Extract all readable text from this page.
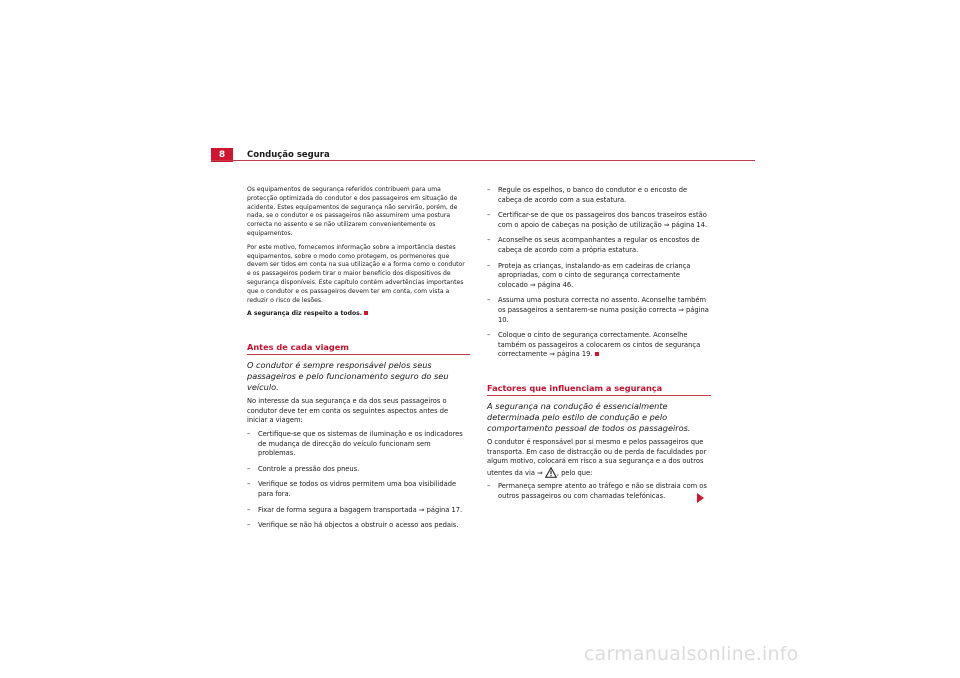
8	Condução segura

Os equipamentos de segurança referidos contribuem para uma protecção optimizada do condutor e dos passageiros em situação de acidente. Estes equipamentos de segurança não servirão, porém, de nada, se o condutor e os passageiros não assumirem uma postura correcta no assento e se não utilizarem convenientemente os equipamentos.

Por este motivo, fornecemos informação sobre a importância destes equipamentos, sobre o modo como protegem, os pormenores que devem ser tidos em conta na sua utilização e a forma como o condutor e os passageiros podem tirar o maior benefício dos dispositivos de segurança disponíveis. Este capítulo contém advertências importantes que o condutor e os passageiros devem ter em conta, com vista a reduzir o risco de lesões.

A segurança diz respeito a todos.

Antes de cada viagem

O condutor é sempre responsável pelos seus passageiros e pelo funcionamento seguro do seu veículo.

No interesse da sua segurança e da dos seus passageiros o condutor deve ter em conta os seguintes aspectos antes de iniciar a viagem:

– Certifique-se que os sistemas de iluminação e os indicadores de mudança de direcção do veículo funcionam sem problemas.
– Controle a pressão dos pneus.
– Verifique se todos os vidros permitem uma boa visibilidade para fora.
– Fixar de forma segura a bagagem transportada ⇒ página 17.
– Verifique se não há objectos a obstruir o acesso aos pedais.
– Regule os espelhos, o banco do condutor e o encosto de cabeça de acordo com a sua estatura.
– Certificar-se de que os passageiros dos bancos traseiros estão com o apoio de cabeças na posição de utilização ⇒ página 14.
– Aconselhe os seus acompanhantes a regular os encostos de cabeça de acordo com a própria estatura.
– Proteja as crianças, instalando-as em cadeiras de criança apropriadas, com o cinto de segurança correctamente colocado ⇒ página 46.
– Assuma uma postura correcta no assento. Aconselhe também os passageiros a sentarem-se numa posição correcta ⇒ página 10.
– Coloque o cinto de segurança correctamente. Aconselhe também os passageiros a colocarem os cintos de segurança correctamente ⇒ página 19.
Factores que influenciam a segurança

A segurança na condução é essencialmente determinada pelo estilo de condução e pelo comportamento pessoal de todos os passageiros.

O condutor é responsável por si mesmo e pelos passageiros que transporta. Em caso de distracção ou de perda de faculdades por algum motivo, colocará em risco a sua segurança e a dos outros utentes da via ⇒ , pelo que:

– Permaneça sempre atento ao tráfego e não se distraia com os outros passageiros ou com chamadas telefónicas.
carmanualsonline.info
